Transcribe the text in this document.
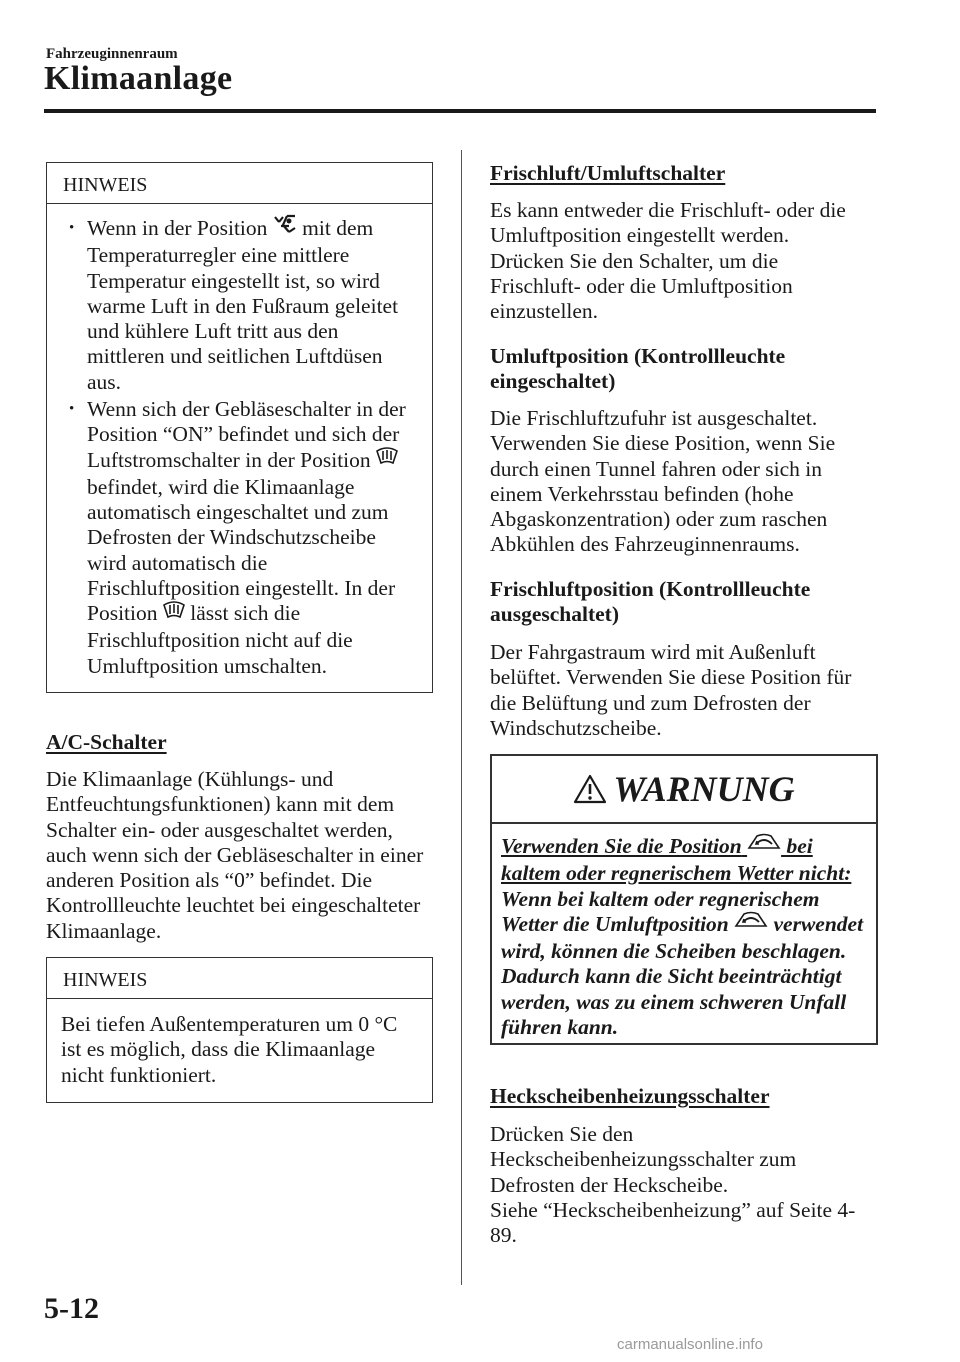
Fahrzeuginnenraum
Klimaanlage
HINWEIS
• Wenn in der Position mit dem Temperaturregler eine mittlere Temperatur eingestellt ist, so wird warme Luft in den Fußraum geleitet und kühlere Luft tritt aus den mittleren und seitlichen Luftdüsen aus.
• Wenn sich der Gebläseschalter in der Position “ON” befindet und sich der Luftstromschalter in der Position  befindet, wird die Klimaanlage automatisch eingeschaltet und zum Defrosten der Windschutzscheibe wird automatisch die Frischluftposition eingestellt. In der Position lässt sich die Frischluftposition nicht auf die Umluftposition umschalten.
A/C-Schalter
Die Klimaanlage (Kühlungs- und Entfeuchtungsfunktionen) kann mit dem Schalter ein- oder ausgeschaltet werden, auch wenn sich der Gebläseschalter in einer anderen Position als “0” befindet. Die Kontrollleuchte leuchtet bei eingeschalteter Klimaanlage.
HINWEIS
Bei tiefen Außentemperaturen um 0 °C ist es möglich, dass die Klimaanlage nicht funktioniert.
Frischluft/Umluftschalter
Es kann entweder die Frischluft- oder die Umluftposition eingestellt werden. Drücken Sie den Schalter, um die Frischluft- oder die Umluftposition einzustellen.
Umluftposition (Kontrollleuchte eingeschaltet)
Die Frischluftzufuhr ist ausgeschaltet. Verwenden Sie diese Position, wenn Sie durch einen Tunnel fahren oder sich in einem Verkehrsstau befinden (hohe Abgaskonzentration) oder zum raschen Abkühlen des Fahrzeuginnenraums.
Frischluftposition (Kontrollleuchte ausgeschaltet)
Der Fahrgastraum wird mit Außenluft belüftet. Verwenden Sie diese Position für die Belüftung und zum Defrosten der Windschutzscheibe.
WARNUNG
Verwenden Sie die Position bei kaltem oder regnerischem Wetter nicht: Wenn bei kaltem oder regnerischem Wetter die Umluftposition verwendet wird, können die Scheiben beschlagen. Dadurch kann die Sicht beeinträchtigt werden, was zu einem schweren Unfall führen kann.
Heckscheibenheizungsschalter
Drücken Sie den Heckscheibenheizungsschalter zum Defrosten der Heckscheibe.
Siehe “Heckscheibenheizung” auf Seite 4-89.
5-12
carmanualsonline.info
